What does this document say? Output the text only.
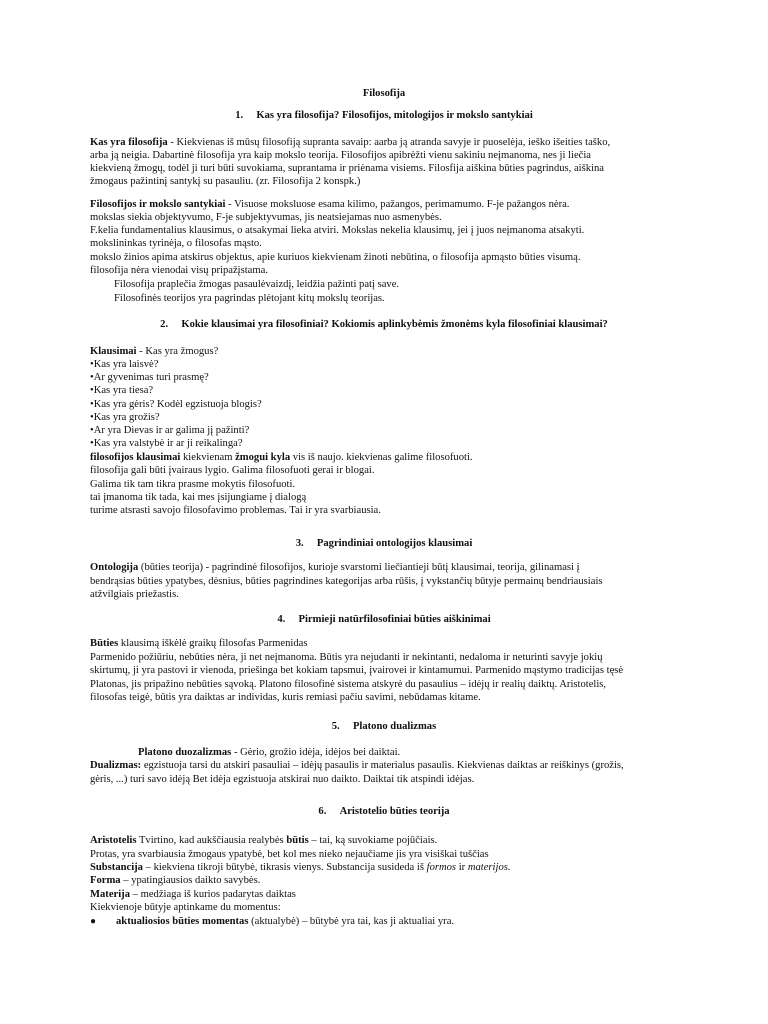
Filosofija
1.     Kas yra filosofija? Filosofijos, mitologijos ir mokslo santykiai
Kas yra filosofija - Kiekvienas iš mūsų filosofiją supranta savaip: aarba ją atranda savyje ir puoselėja, ieško išeities taško,
arba ją neigia. Dabartinė filosofija yra kaip mokslo teorija. Filosofijos apibrėžti vienu sakiniu neįmanoma, nes ji liečia
kiekvieną žmogų, todėl ji turi būti suvokiama, suprantama ir priėnama visiems. Filosfija aiškina būties pagrindus, aiškina
žmogaus pažintinį santykį su pasauliu. (zr. Filosofija 2 konspk.)
Filosofijos ir mokslo santykiai - Visuose moksluose esama kilimo, pažangos, perimamumo. F-je pažangos nėra.
mokslas siekia objektyvumo, F-je subjektyvumas, jis neatsiejamas nuo asmenybės.
F.kelia fundamentalius klausimus, o atsakymai lieka atviri. Mokslas nekelia klausimų, jei į juos neįmanoma atsakyti.
mokslininkas tyrinėja, o filosofas mąsto.
mokslo žinios apima atskirus objektus, apie kuriuos kiekvienam žinoti nebūtina, o filosofija apmąsto būties visumą.
filosofija nėra vienodai visų pripažįstama.
Filosofija praplečia žmogas pasaulėvaizdį, leidžia pažinti patį save.
Filosofinės teorijos yra pagrindas plėtojant kitų mokslų teorijas.
2.     Kokie klausimai yra filosofiniai? Kokiomis aplinkybėmis žmonėms kyla filosofiniai klausimai?
Klausimai - Kas yra žmogus?
•Kas yra laisvė?
•Ar gyvenimas turi prasmę?
•Kas yra tiesa?
•Kas yra gėris? Kodėl egzistuoja blogis?
•Kas yra grožis?
•Ar yra Dievas ir ar galima jį pažinti?
•Kas yra valstybė ir ar ji reikalinga?
filosofijos klausimai kiekvienam žmogui kyla vis iš naujo. kiekvienas galime filosofuoti.
filosofija gali būti įvairaus lygio. Galima filosofuoti gerai ir blogai.
Galima tik tam tikra prasme mokytis filosofuoti.
tai įmanoma tik tada, kai mes įsijungiame į dialogą
turime atsrasti savojo filosofavimo problemas. Tai ir yra svarbiausia.
3.     Pagrindiniai ontologijos klausimai
Ontologija (būties teorija) - pagrindinė filosofijos, kurioje svarstomi liečiantieji būtį klausimai, teorija, gilinamasi į
bendrąsias būties ypatybes, dėsnius, būties pagrindines kategorijas arba rūšis, į vykstančių būtyje permainų bendriausiais
atžvilgiais priežastis.
4.     Pirmieji natūrfilosofiniai būties aiškinimai
Būties klausimą iškėlė graikų filosofas Parmenidas
Parmenido požiūriu, nebūties nėra, ji net neįmanoma. Būtis yra nejudanti ir nekintanti, nedaloma ir neturinti savyje jokių
skirtumų, ji yra pastovi ir vienoda, priešinga bet kokiam tapsmui, įvairovei ir kintamumui. Parmenido mąstymo tradicijas tęsė
Platonas, jis pripažino nebūties sąvoką. Platono filosofinė sistema atskyrė du pasaulius – idėjų ir realių daiktų. Aristotelis,
filosofas teigė, būtis yra daiktas ar individas, kuris remiasi pačiu savimi, nebūdamas kitame.
5.     Platono dualizmas
Platono duozalizmas - Gėrio, grožio idėja, idėjos bei daiktai.
Dualizmas: egzistuoja tarsi du atskiri pasauliai – idėjų pasaulis ir materialus pasaulis. Kiekvienas daiktas ar reiškinys (grožis,
gėris, ...) turi savo idėją Bet idėja egzistuoja atskirai nuo daikto. Daiktai tik atspindi idėjas.
6.     Aristotelio būties teorija
Aristotelis Tvirtino, kad aukščiausia realybės būtis – tai, ką suvokiame pojūčiais.
Protas, yra svarbiausia žmogaus ypatybė, bet kol mes nieko nejaučiame jis yra visiškai tuščias
Substancija – kiekviena tikroji būtybė, tikrasis vienys. Substancija susideda iš formos ir materijos.
Forma – ypatingiausios daikto savybės.
Materija – medžiaga iš kurios padarytas daiktas
Kiekvienoje būtyje aptinkame du momentus:
● aktualiosios būties momentas (aktualybė) – būtybė yra tai, kas ji aktualiai yra.
